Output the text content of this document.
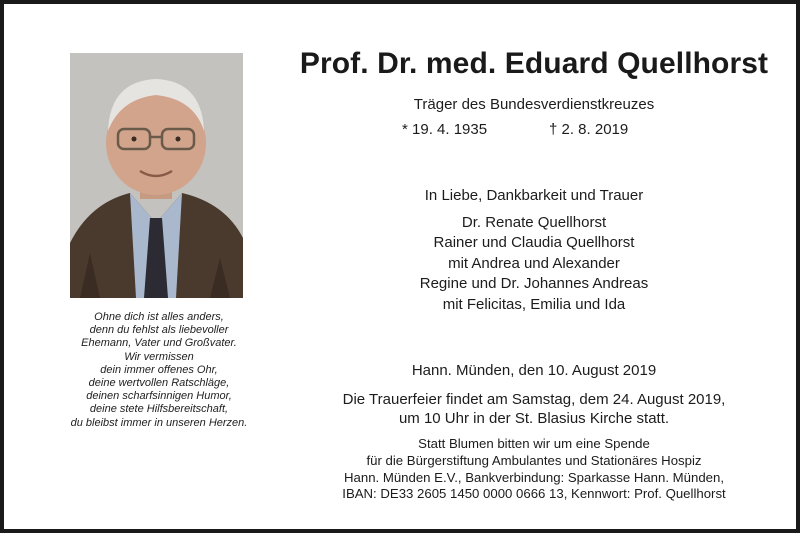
Ohne dich ist alles anders,
denn du fehlst als liebevoller
Ehemann, Vater und Großvater.
Wir vermissen
dein immer offenes Ohr,
deine wertvollen Ratschläge,
deinen scharfsinnigen Humor,
deine stete Hilfsbereitschaft,
du bleibst immer in unseren Herzen.
Prof. Dr. med. Eduard Quellhorst
Träger des Bundesverdienstkreuzes
* 19. 4. 1935	† 2. 8. 2019
In Liebe, Dankbarkeit und Trauer
Dr. Renate Quellhorst
Rainer und Claudia Quellhorst
mit Andrea und Alexander
Regine und Dr. Johannes Andreas
mit Felicitas, Emilia und Ida
Hann. Münden, den 10. August 2019
Die Trauerfeier findet am Samstag, dem 24. August 2019,
um 10 Uhr in der St. Blasius Kirche statt.
Statt Blumen bitten wir um eine Spende
für die Bürgerstiftung Ambulantes und Stationäres Hospiz
Hann. Münden E.V., Bankverbindung: Sparkasse Hann. Münden,
IBAN: DE33 2605 1450 0000 0666 13, Kennwort: Prof. Quellhorst
